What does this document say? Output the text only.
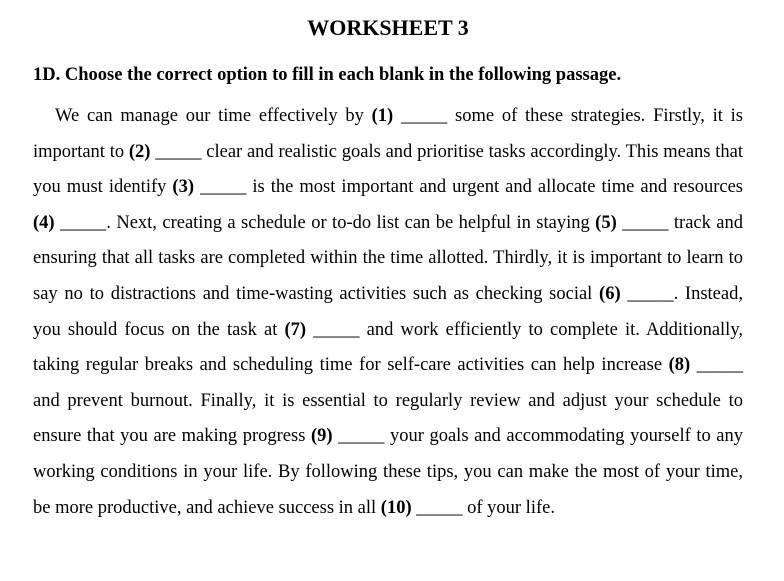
WORKSHEET 3

1D. Choose the correct option to fill in each blank in the following passage.

We can manage our time effectively by (1) _____ some of these strategies. Firstly, it is important to (2) _____ clear and realistic goals and prioritise tasks accordingly. This means that you must identify (3) _____ is the most important and urgent and allocate time and resources (4) _____. Next, creating a schedule or to-do list can be helpful in staying (5) _____ track and ensuring that all tasks are completed within the time allotted. Thirdly, it is important to learn to say no to distractions and time-wasting activities such as checking social (6) _____. Instead, you should focus on the task at (7) _____ and work efficiently to complete it. Additionally, taking regular breaks and scheduling time for self-care activities can help increase (8) _____ and prevent burnout. Finally, it is essential to regularly review and adjust your schedule to ensure that you are making progress (9) _____ your goals and accommodating yourself to any working conditions in your life. By following these tips, you can make the most of your time, be more productive, and achieve success in all (10) _____ of your life.
